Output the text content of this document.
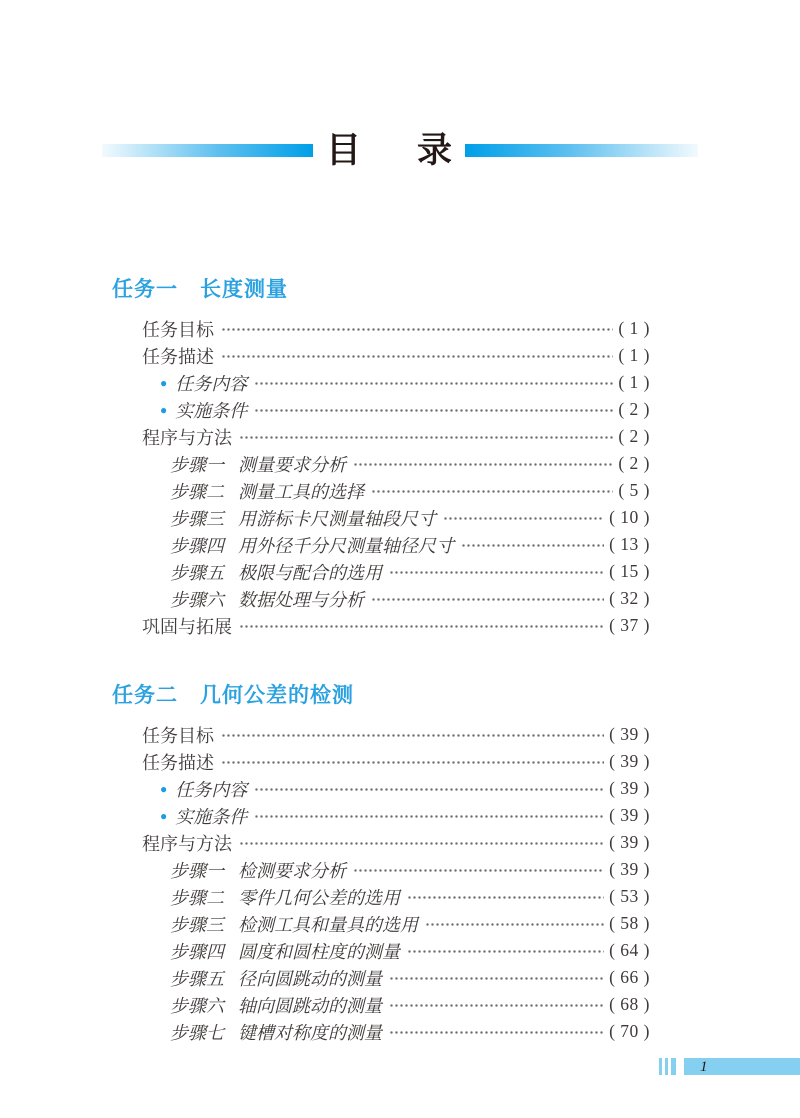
目 录
任务一　长度测量
任务目标	( 1 )
任务描述	( 1 )
● 任务内容	( 1 )
● 实施条件	( 2 )
程序与方法	( 2 )
步骤一 测量要求分析	( 2 )
步骤二 测量工具的选择	( 5 )
步骤三 用游标卡尺测量轴段尺寸	( 10 )
步骤四 用外径千分尺测量轴径尺寸	( 13 )
步骤五 极限与配合的选用	( 15 )
步骤六 数据处理与分析	( 32 )
巩固与拓展	( 37 )
任务二　几何公差的检测
任务目标	( 39 )
任务描述	( 39 )
● 任务内容	( 39 )
● 实施条件	( 39 )
程序与方法	( 39 )
步骤一 检测要求分析	( 39 )
步骤二 零件几何公差的选用	( 53 )
步骤三 检测工具和量具的选用	( 58 )
步骤四 圆度和圆柱度的测量	( 64 )
步骤五 径向圆跳动的测量	( 66 )
步骤六 轴向圆跳动的测量	( 68 )
步骤七 键槽对称度的测量	( 70 )
1
